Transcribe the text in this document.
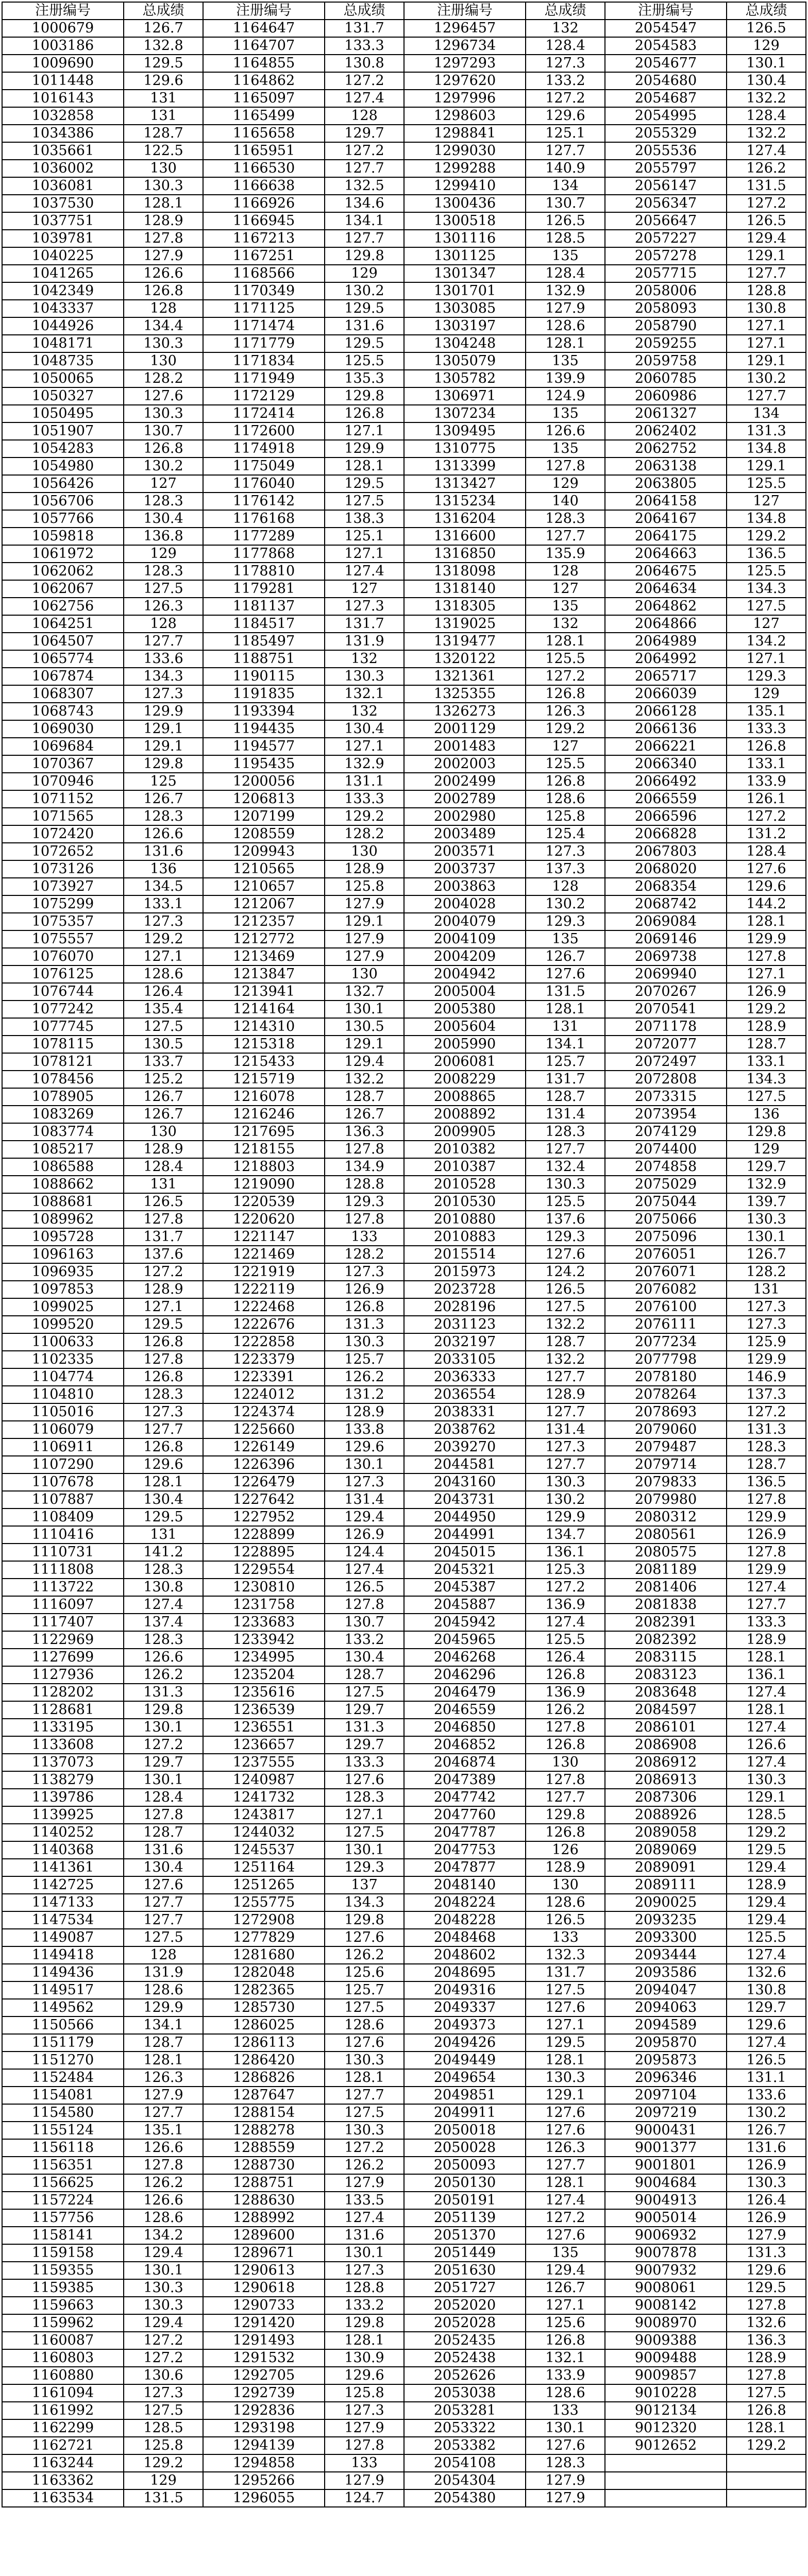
注册编号	总成绩	注册编号	总成绩	注册编号	总成绩	注册编号	总成绩
1000679	126.7	1164647	131.7	1296457	132	2054547	126.5
1003186	132.8	1164707	133.3	1296734	128.4	2054583	129
1009690	129.5	1164855	130.8	1297293	127.3	2054677	130.1
1011448	129.6	1164862	127.2	1297620	133.2	2054680	130.4
1016143	131	1165097	127.4	1297996	127.2	2054687	132.2
1032858	131	1165499	128	1298603	129.6	2054995	128.4
1034386	128.7	1165658	129.7	1298841	125.1	2055329	132.2
1035661	122.5	1165951	127.2	1299030	127.7	2055536	127.4
1036002	130	1166530	127.7	1299288	140.9	2055797	126.2
1036081	130.3	1166638	132.5	1299410	134	2056147	131.5
1037530	128.1	1166926	134.6	1300436	130.7	2056347	127.2
1037751	128.9	1166945	134.1	1300518	126.5	2056647	126.5
1039781	127.8	1167213	127.7	1301116	128.5	2057227	129.4
1040225	127.9	1167251	129.8	1301125	135	2057278	129.1
1041265	126.6	1168566	129	1301347	128.4	2057715	127.7
1042349	126.8	1170349	130.2	1301701	132.9	2058006	128.8
1043337	128	1171125	129.5	1303085	127.9	2058093	130.8
1044926	134.4	1171474	131.6	1303197	128.6	2058790	127.1
1048171	130.3	1171779	129.5	1304248	128.1	2059255	127.1
1048735	130	1171834	125.5	1305079	135	2059758	129.1
1050065	128.2	1171949	135.3	1305782	139.9	2060785	130.2
1050327	127.6	1172129	129.8	1306971	124.9	2060986	127.7
1050495	130.3	1172414	126.8	1307234	135	2061327	134
1051907	130.7	1172600	127.1	1309495	126.6	2062402	131.3
1054283	126.8	1174918	129.9	1310775	135	2062752	134.8
1054980	130.2	1175049	128.1	1313399	127.8	2063138	129.1
1056426	127	1176040	129.5	1313427	129	2063805	125.5
1056706	128.3	1176142	127.5	1315234	140	2064158	127
1057766	130.4	1176168	138.3	1316204	128.3	2064167	134.8
1059818	136.8	1177289	125.1	1316600	127.7	2064175	129.2
1061972	129	1177868	127.1	1316850	135.9	2064663	136.5
1062062	128.3	1178810	127.4	1318098	128	2064675	125.5
1062067	127.5	1179281	127	1318140	127	2064634	134.3
1062756	126.3	1181137	127.3	1318305	135	2064862	127.5
1064251	128	1184517	131.7	1319025	132	2064866	127
1064507	127.7	1185497	131.9	1319477	128.1	2064989	134.2
1065774	133.6	1188751	132	1320122	125.5	2064992	127.1
1067874	134.3	1190115	130.3	1321361	127.2	2065717	129.3
1068307	127.3	1191835	132.1	1325355	126.8	2066039	129
1068743	129.9	1193394	132	1326273	126.3	2066128	135.1
1069030	129.1	1194435	130.4	2001129	129.2	2066136	133.3
1069684	129.1	1194577	127.1	2001483	127	2066221	126.8
1070367	129.8	1195435	132.9	2002003	125.5	2066340	133.1
1070946	125	1200056	131.1	2002499	126.8	2066492	133.9
1071152	126.7	1206813	133.3	2002789	128.6	2066559	126.1
1071565	128.3	1207199	129.2	2002980	125.8	2066596	127.2
1072420	126.6	1208559	128.2	2003489	125.4	2066828	131.2
1072652	131.6	1209943	130	2003571	127.3	2067803	128.4
1073126	136	1210565	128.9	2003737	137.3	2068020	127.6
1073927	134.5	1210657	125.8	2003863	128	2068354	129.6
1075299	133.1	1212067	127.9	2004028	130.2	2068742	144.2
1075357	127.3	1212357	129.1	2004079	129.3	2069084	128.1
1075557	129.2	1212772	127.9	2004109	135	2069146	129.9
1076070	127.1	1213469	127.9	2004209	126.7	2069738	127.8
1076125	128.6	1213847	130	2004942	127.6	2069940	127.1
1076744	126.4	1213941	132.7	2005004	131.5	2070267	126.9
1077242	135.4	1214164	130.1	2005380	128.1	2070541	129.2
1077745	127.5	1214310	130.5	2005604	131	2071178	128.9
1078115	130.5	1215318	129.1	2005990	134.1	2072077	128.7
1078121	133.7	1215433	129.4	2006081	125.7	2072497	133.1
1078456	125.2	1215719	132.2	2008229	131.7	2072808	134.3
1078905	126.7	1216078	128.7	2008865	128.7	2073315	127.5
1083269	126.7	1216246	126.7	2008892	131.4	2073954	136
1083774	130	1217695	136.3	2009905	128.3	2074129	129.8
1085217	128.9	1218155	127.8	2010382	127.7	2074400	129
1086588	128.4	1218803	134.9	2010387	132.4	2074858	129.7
1088662	131	1219090	128.8	2010528	130.3	2075029	132.9
1088681	126.5	1220539	129.3	2010530	125.5	2075044	139.7
1089962	127.8	1220620	127.8	2010880	137.6	2075066	130.3
1095728	131.7	1221147	133	2010883	129.3	2075096	130.1
1096163	137.6	1221469	128.2	2015514	127.6	2076051	126.7
1096935	127.2	1221919	127.3	2015973	124.2	2076071	128.2
1097853	128.9	1222119	126.9	2023728	126.5	2076082	131
1099025	127.1	1222468	126.8	2028196	127.5	2076100	127.3
1099520	129.5	1222676	131.3	2031123	132.2	2076111	127.3
1100633	126.8	1222858	130.3	2032197	128.7	2077234	125.9
1102335	127.8	1223379	125.7	2033105	132.2	2077798	129.9
1104774	126.8	1223391	126.2	2036333	127.7	2078180	146.9
1104810	128.3	1224012	131.2	2036554	128.9	2078264	137.3
1105016	127.3	1224374	128.9	2038331	127.7	2078693	127.2
1106079	127.7	1225660	133.8	2038762	131.4	2079060	131.3
1106911	126.8	1226149	129.6	2039270	127.3	2079487	128.3
1107290	129.6	1226396	130.1	2044581	127.7	2079714	128.7
1107678	128.1	1226479	127.3	2043160	130.3	2079833	136.5
1107887	130.4	1227642	131.4	2043731	130.2	2079980	127.8
1108409	129.5	1227952	129.4	2044950	129.9	2080312	129.9
1110416	131	1228899	126.9	2044991	134.7	2080561	126.9
1110731	141.2	1228895	124.4	2045015	136.1	2080575	127.8
1111808	128.3	1229554	127.4	2045321	125.3	2081189	129.9
1113722	130.8	1230810	126.5	2045387	127.2	2081406	127.4
1116097	127.4	1231758	127.8	2045887	136.9	2081838	127.7
1117407	137.4	1233683	130.7	2045942	127.4	2082391	133.3
1122969	128.3	1233942	133.2	2045965	125.5	2082392	128.9
1127699	126.6	1234995	130.4	2046268	126.4	2083115	128.1
1127936	126.2	1235204	128.7	2046296	126.8	2083123	136.1
1128202	131.3	1235616	127.5	2046479	136.9	2083648	127.4
1128681	129.8	1236539	129.7	2046559	126.2	2084597	128.1
1133195	130.1	1236551	131.3	2046850	127.8	2086101	127.4
1133608	127.2	1236657	129.7	2046852	126.8	2086908	126.6
1137073	129.7	1237555	133.3	2046874	130	2086912	127.4
1138279	130.1	1240987	127.6	2047389	127.8	2086913	130.3
1139786	128.4	1241732	128.3	2047742	127.7	2087306	129.1
1139925	127.8	1243817	127.1	2047760	129.8	2088926	128.5
1140252	128.7	1244032	127.5	2047787	126.8	2089058	129.2
1140368	131.6	1245537	130.1	2047753	126	2089069	129.5
1141361	130.4	1251164	129.3	2047877	128.9	2089091	129.4
1142725	127.6	1251265	137	2048140	130	2089111	128.9
1147133	127.7	1255775	134.3	2048224	128.6	2090025	129.4
1147534	127.7	1272908	129.8	2048228	126.5	2093235	129.4
1149087	127.5	1277829	127.6	2048468	133	2093300	125.5
1149418	128	1281680	126.2	2048602	132.3	2093444	127.4
1149436	131.9	1282048	125.6	2048695	131.7	2093586	132.6
1149517	128.6	1282365	125.7	2049316	127.5	2094047	130.8
1149562	129.9	1285730	127.5	2049337	127.6	2094063	129.7
1150566	134.1	1286025	128.6	2049373	127.1	2094589	129.6
1151179	128.7	1286113	127.6	2049426	129.5	2095870	127.4
1151270	128.1	1286420	130.3	2049449	128.1	2095873	126.5
1152484	126.3	1286826	128.1	2049654	130.3	2096346	131.1
1154081	127.9	1287647	127.7	2049851	129.1	2097104	133.6
1154580	127.7	1288154	127.5	2049911	127.6	2097219	130.2
1155124	135.1	1288278	130.3	2050018	127.6	9000431	126.7
1156118	126.6	1288559	127.2	2050028	126.3	9001377	131.6
1156351	127.8	1288730	126.2	2050093	127.7	9001801	126.9
1156625	126.2	1288751	127.9	2050130	128.1	9004684	130.3
1157224	126.6	1288630	133.5	2050191	127.4	9004913	126.4
1157756	128.6	1288992	127.4	2051139	127.2	9005014	126.9
1158141	134.2	1289600	131.6	2051370	127.6	9006932	127.9
1159158	129.4	1289671	130.1	2051449	135	9007878	131.3
1159355	130.1	1290613	127.3	2051630	129.4	9007932	129.6
1159385	130.3	1290618	128.8	2051727	126.7	9008061	129.5
1159663	130.3	1290733	133.2	2052020	127.1	9008142	127.8
1159962	129.4	1291420	129.8	2052028	125.6	9008970	132.6
1160087	127.2	1291493	128.1	2052435	126.8	9009388	136.3
1160803	127.2	1291532	130.9	2052438	132.1	9009488	128.9
1160880	130.6	1292705	129.6	2052626	133.9	9009857	127.8
1161094	127.3	1292739	125.8	2053038	128.6	9010228	127.5
1161992	127.5	1292836	127.3	2053281	133	9012134	126.8
1162299	128.5	1293198	127.9	2053322	130.1	9012320	128.1
1162721	125.8	1294139	127.8	2053382	127.6	9012652	129.2
1163244	129.2	1294858	133	2054108	128.3		
1163362	129	1295266	127.9	2054304	127.9		
1163534	131.5	1296055	124.7	2054380	127.9		
